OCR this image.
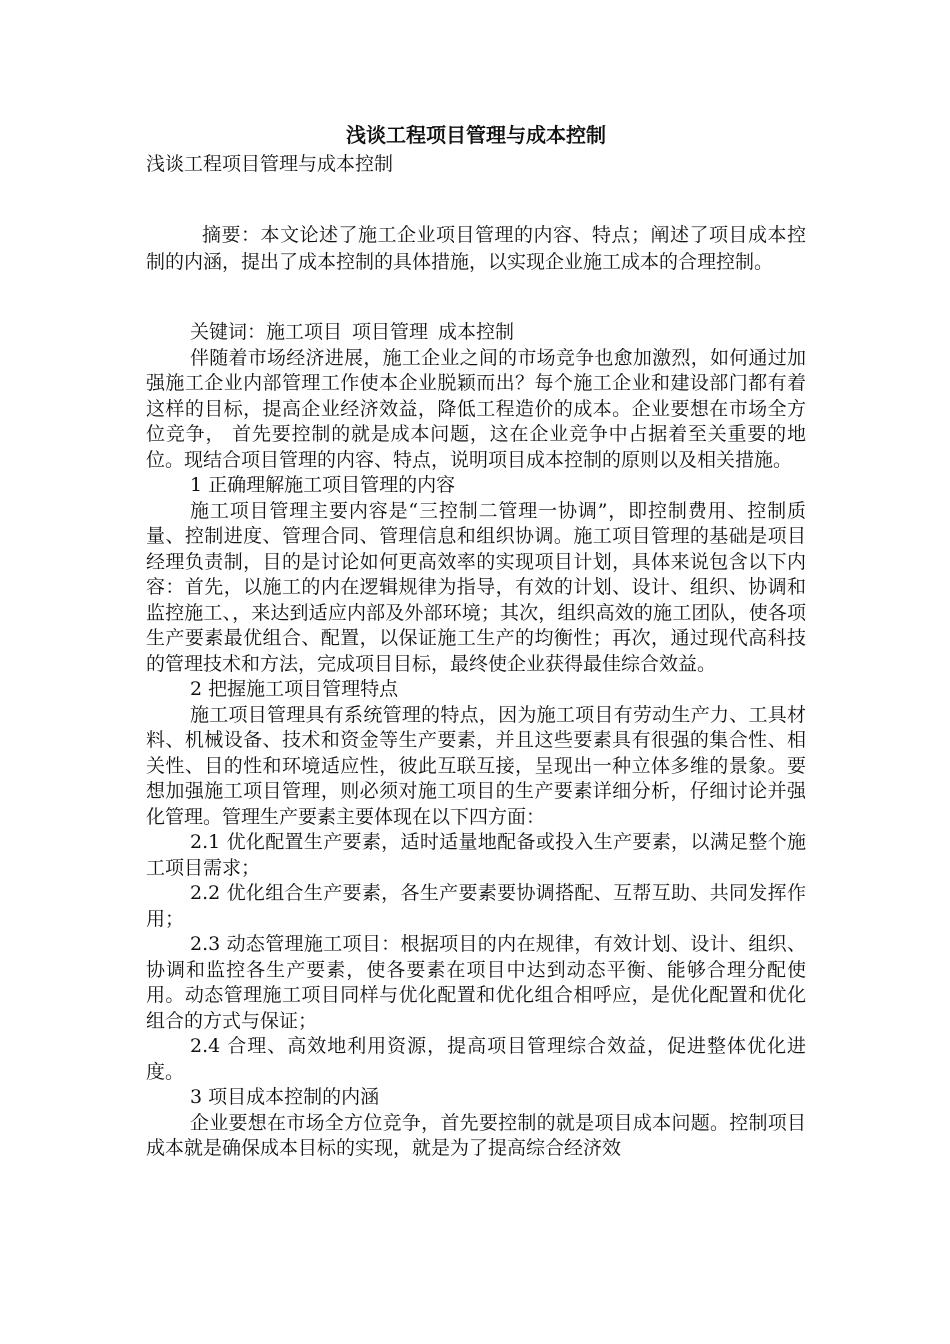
浅谈工程项目管理与成本控制
浅谈工程项目管理与成本控制

摘要：本文论述了施工企业项目管理的内容、特点；阐述了项目成本控制的内涵，提出了成本控制的具体措施，以实现企业施工成本的合理控制。

关键词：施工项目 项目管理 成本控制

伴随着市场经济进展，施工企业之间的市场竞争也愈加激烈，如何通过加强施工企业内部管理工作使本企业脱颖而出？每个施工企业和建设部门都有着这样的目标，提高企业经济效益，降低工程造价的成本。企业要想在市场全方位竞争， 首先要控制的就是成本问题，这在企业竞争中占据着至关重要的地位。现结合项目管理的内容、特点，说明项目成本控制的原则以及相关措施。

1 正确理解施工项目管理的内容

施工项目管理主要内容是“三控制二管理一协调”，即控制费用、控制质量、控制进度、管理合同、管理信息和组织协调。施工项目管理的基础是项目经理负责制，目的是讨论如何更高效率的实现项目计划，具体来说包含以下内容：首先，以施工的内在逻辑规律为指导，有效的计划、设计、组织、协调和监控施工、，来达到适应内部及外部环境；其次，组织高效的施工团队，使各项生产要素最优组合、配置，以保证施工生产的均衡性；再次，通过现代高科技的管理技术和方法，完成项目目标，最终使企业获得最佳综合效益。

2 把握施工项目管理特点

施工项目管理具有系统管理的特点，因为施工项目有劳动生产力、工具材料、机械设备、技术和资金等生产要素，并且这些要素具有很强的集合性、相关性、目的性和环境适应性，彼此互联互接，呈现出一种立体多维的景象。要想加强施工项目管理，则必须对施工项目的生产要素详细分析，仔细讨论并强化管理。管理生产要素主要体现在以下四方面：

2.1 优化配置生产要素，适时适量地配备或投入生产要素，以满足整个施工项目需求；

2.2 优化组合生产要素，各生产要素要协调搭配、互帮互助、共同发挥作用；

2.3 动态管理施工项目：根据项目的内在规律，有效计划、设计、组织、协调和监控各生产要素，使各要素在项目中达到动态平衡、能够合理分配使用。动态管理施工项目同样与优化配置和优化组合相呼应，是优化配置和优化组合的方式与保证；

2.4 合理、高效地利用资源，提高项目管理综合效益，促进整体优化进度。

3 项目成本控制的内涵

企业要想在市场全方位竞争，首先要控制的就是项目成本问题。控制项目成本就是确保成本目标的实现，就是为了提高综合经济效
